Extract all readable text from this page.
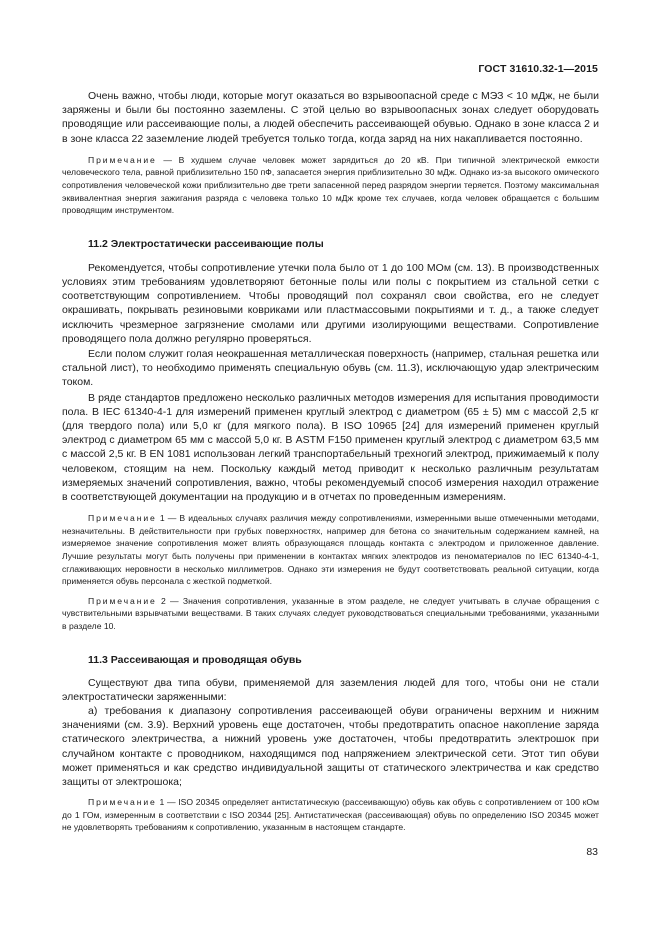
ГОСТ 31610.32-1—2015

Очень важно, чтобы люди, которые могут оказаться во взрывоопасной среде с МЭЗ < 10 мДж, не были заряжены и были бы постоянно заземлены. С этой целью во взрывоопасных зонах следует оборудовать проводящие или рассеивающие полы, а людей обеспечить рассеивающей обувью. Однако в зоне класса 2 и в зоне класса 22 заземление людей требуется только тогда, когда заряд на них накапливается постоянно.

Примечание — В худшем случае человек может зарядиться до 20 кВ. При типичной электрической емкости человеческого тела, равной приблизительно 150 пФ, запасается энергия приблизительно 30 мДж. Однако из-за высокого омического сопротивления человеческой кожи приблизительно две трети запасенной перед разрядом энергии теряется. Поэтому максимальная эквивалентная энергия зажигания разряда с человека только 10 мДж кроме тех случаев, когда человек обращается с большим проводящим инструментом.

11.2 Электростатически рассеивающие полы

Рекомендуется, чтобы сопротивление утечки пола было от 1 до 100 МОм (см. 13). В производственных условиях этим требованиям удовлетворяют бетонные полы или полы с покрытием из стальной сетки с соответствующим сопротивлением. Чтобы проводящий пол сохранял свои свойства, его не следует окрашивать, покрывать резиновыми ковриками или пластмассовыми покрытиями и т. д., а также следует исключить чрезмерное загрязнение смолами или другими изолирующими веществами. Сопротивление проводящего пола должно регулярно проверяться.

Если полом служит голая неокрашенная металлическая поверхность (например, стальная решетка или стальной лист), то необходимо применять специальную обувь (см. 11.3), исключающую удар электрическим током.

В ряде стандартов предложено несколько различных методов измерения для испытания проводимости пола. В IEC 61340-4-1 для измерений применен круглый электрод с диаметром (65 ± 5) мм с массой 2,5 кг (для твердого пола) или 5,0 кг (для мягкого пола). В ISO 10965 [24] для измерений применен круглый электрод с диаметром 65 мм с массой 5,0 кг. В ASTM F150 применен круглый электрод с диаметром 63,5 мм с массой 2,5 кг. В EN 1081 использован легкий транспортабельный трехногий электрод, прижимаемый к полу человеком, стоящим на нем. Поскольку каждый метод приводит к несколько различным результатам измеряемых значений сопротивления, важно, чтобы рекомендуемый способ измерения находил отражение в соответствующей документации на продукцию и в отчетах по проведенным измерениям.

Примечание 1 — В идеальных случаях различия между сопротивлениями, измеренными выше отмеченными методами, незначительны. В действительности при грубых поверхностях, например для бетона со значительным содержанием камней, на измеряемое значение сопротивления может влиять образующаяся площадь контакта с электродом и приложенное давление. Лучшие результаты могут быть получены при применении в контактах мягких электродов из пеноматериалов по IEC 61340-4-1, сглаживающих неровности в несколько миллиметров. Однако эти измерения не будут соответствовать реальной ситуации, когда применяется обувь персонала с жесткой подметкой.

Примечание 2 — Значения сопротивления, указанные в этом разделе, не следует учитывать в случае обращения с чувствительными взрывчатыми веществами. В таких случаях следует руководствоваться специальными требованиями, указанными в разделе 10.

11.3 Рассеивающая и проводящая обувь

Существуют два типа обуви, применяемой для заземления людей для того, чтобы они не стали электростатически заряженными:

а) требования к диапазону сопротивления рассеивающей обуви ограничены верхним и нижним значениями (см. 3.9). Верхний уровень еще достаточен, чтобы предотвратить опасное накопление заряда статического электричества, а нижний уровень уже достаточен, чтобы предотвратить электрошок при случайном контакте с проводником, находящимся под напряжением электрической сети. Этот тип обуви может применяться и как средство индивидуальной защиты от статического электричества и как средство защиты от электрошока;

Примечание 1 — ISO 20345 определяет антистатическую (рассеивающую) обувь как обувь с сопротивлением от 100 кОм до 1 ГОм, измеренным в соответствии с ISO 20344 [25]. Антистатическая (рассеивающая) обувь по определению ISO 20345 может не удовлетворять требованиям к сопротивлению, указанным в настоящем стандарте.

83
